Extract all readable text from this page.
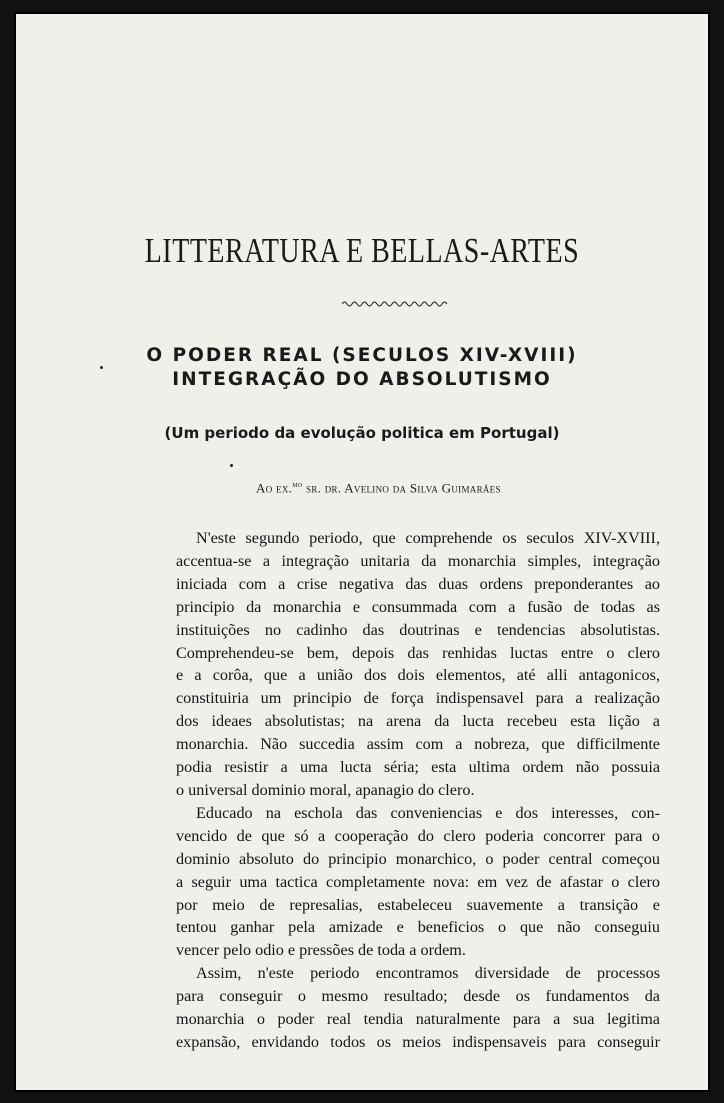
LITTERATURA E BELLAS-ARTES
O PODER REAL (SECULOS XIV-XVIII)
INTEGRAÇÃO DO ABSOLUTISMO
(Um periodo da evolução politica em Portugal)
Ao ex.$^{mo}$ sr. dr. Avelino da Silva Guimarães
N'este segundo periodo, que comprehende os seculos XIV-XVIII,
accentua-se a integração unitaria da monarchia simples, integração
iniciada com a crise negativa das duas ordens preponderantes ao
principio da monarchia e consummada com a fusão de todas as
instituições no cadinho das doutrinas e tendencias absolutistas.
Comprehendeu-se bem, depois das renhidas luctas entre o clero
e a corôa, que a união dos dois elementos, até alli antagonicos,
constituiria um principio de força indispensavel para a realização
dos ideaes absolutistas; na arena da lucta recebeu esta lição a
monarchia. Não succedia assim com a nobreza, que difficilmente
podia resistir a uma lucta séria; esta ultima ordem não possuia
o universal dominio moral, apanagio do clero.
Educado na eschola das conveniencias e dos interesses, con-
vencido de que só a cooperação do clero poderia concorrer para o
dominio absoluto do principio monarchico, o poder central começou
a seguir uma tactica completamente nova: em vez de afastar o clero
por meio de represalias, estabeleceu suavemente a transição e
tentou ganhar pela amizade e beneficios o que não conseguiu
vencer pelo odio e pressões de toda a ordem.
Assim, n'este periodo encontramos diversidade de processos
para conseguir o mesmo resultado; desde os fundamentos da
monarchia o poder real tendia naturalmente para a sua legitima
expansão, envidando todos os meios indispensaveis para conseguir
